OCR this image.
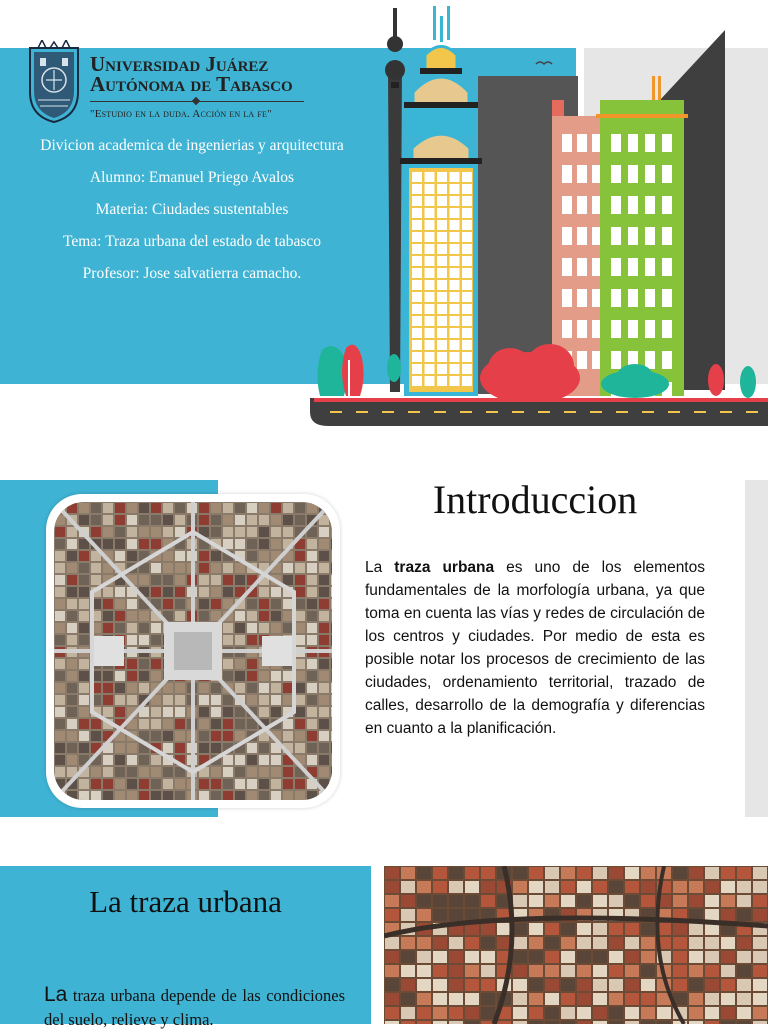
Universidad Juárez
Autónoma de Tabasco
"Estudio en la duda. Acción en la fe"
Divicion academica de ingenierias y arquitectura
Alumno: Emanuel Priego Avalos
Materia: Ciudades sustentables
Tema: Traza urbana del estado de tabasco
Profesor: Jose salvatierra camacho.
Introduccion
La traza urbana es uno de los elementos fundamentales de la morfología urbana, ya que toma en cuenta las vías y redes de circulación de los centros y ciudades. Por medio de esta es posible notar los procesos de crecimiento de las ciudades, ordenamiento territorial, trazado de calles, desarrollo de la demografía y diferencias en cuanto a la planificación.
La traza urbana
La traza urbana depende de las condiciones del suelo, relieve y clima.
